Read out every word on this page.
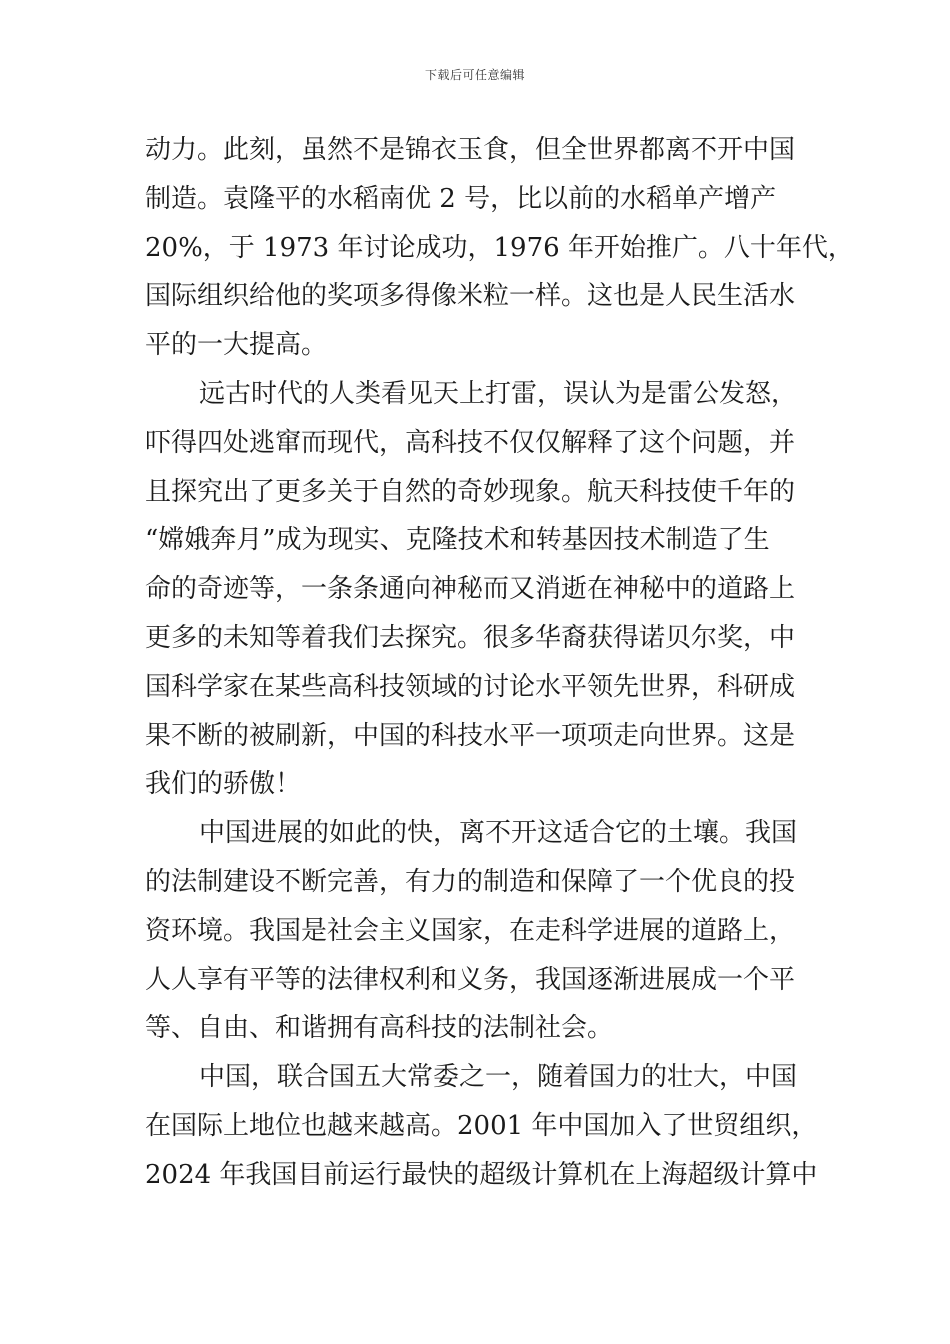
下载后可任意编辑
动力。此刻，虽然不是锦衣玉食，但全世界都离不开中国
制造。袁隆平的水稻南优 2 号，比以前的水稻单产增产
20%，于 1973 年讨论成功，1976 年开始推广。八十年代，
国际组织给他的奖项多得像米粒一样。这也是人民生活水
平的一大提高。
远古时代的人类看见天上打雷，误认为是雷公发怒，
吓得四处逃窜而现代，高科技不仅仅解释了这个问题，并
且探究出了更多关于自然的奇妙现象。航天科技使千年的
“嫦娥奔月”成为现实、克隆技术和转基因技术制造了生
命的奇迹等，一条条通向神秘而又消逝在神秘中的道路上
更多的未知等着我们去探究。很多华裔获得诺贝尔奖，中
国科学家在某些高科技领域的讨论水平领先世界，科研成
果不断的被刷新，中国的科技水平一项项走向世界。这是
我们的骄傲！
中国进展的如此的快，离不开这适合它的土壤。我国
的法制建设不断完善，有力的制造和保障了一个优良的投
资环境。我国是社会主义国家，在走科学进展的道路上，
人人享有平等的法律权利和义务，我国逐渐进展成一个平
等、自由、和谐拥有高科技的法制社会。
中国，联合国五大常委之一，随着国力的壮大，中国
在国际上地位也越来越高。2001 年中国加入了世贸组织，
2024 年我国目前运行最快的超级计算机在上海超级计算中
